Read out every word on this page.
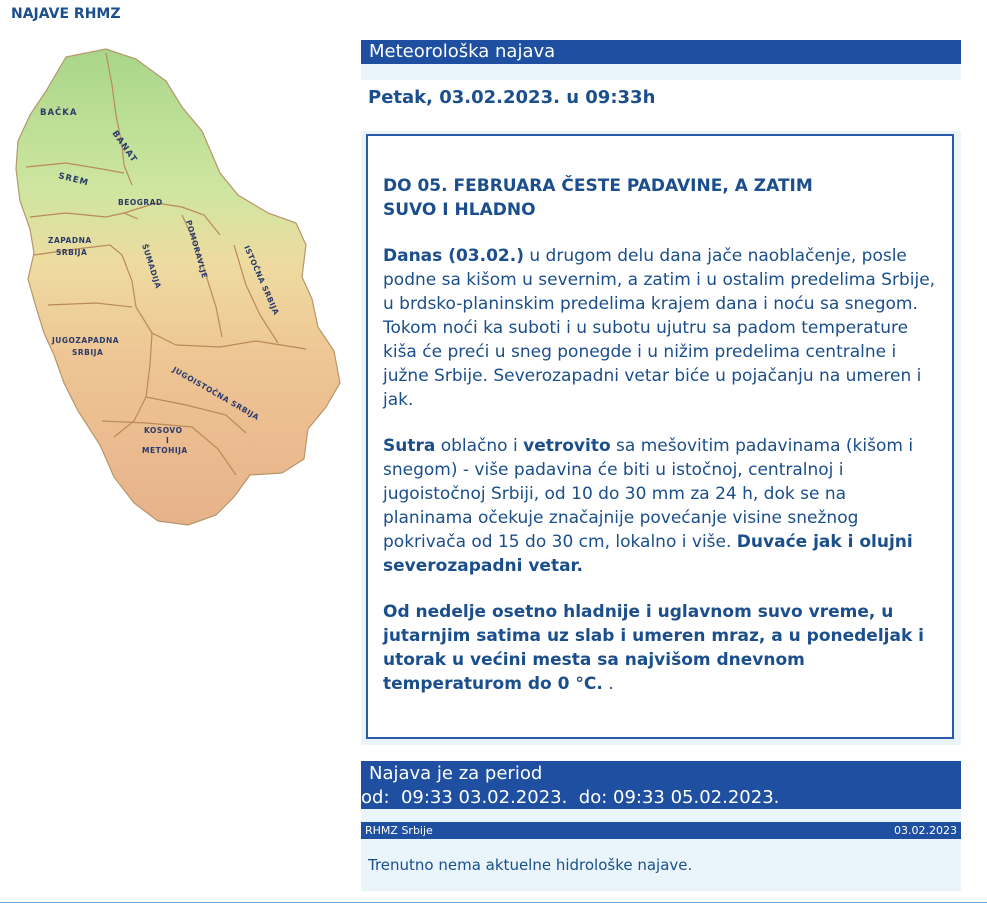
NAJAVE RHMZ
BAČKA
BANAT
SREM
BEOGRAD
ZAPADNA
SRBIJA	ŠUMADIJA	POMORAVLJE	ISTOČNA SRBIJA
JUGOZAPADNA
SRBIJA
JUGOISTOČNA SRBIJA
KOSOVO
I
METOHIJA
Meteorološka najava
Petak, 03.02.2023. u 09:33h

DO 05. FEBRUARA ČESTE PADAVINE, A ZATIM
SUVO I HLADNO

Danas (03.02.) u drugom delu dana jače naoblačenje, posle podne sa kišom u severnim, a zatim i u ostalim predelima Srbije, u brdsko-planinskim predelima krajem dana i noću sa snegom. Tokom noći ka suboti i u subotu ujutru sa padom temperature kiša će preći u sneg ponegde i u nižim predelima centralne i južne Srbije. Severozapadni vetar biće u pojačanju na umeren i jak.

Sutra oblačno i vetrovito sa mešovitim padavinama (kišom i snegom) - više padavina će biti u istočnoj, centralnoj i jugoistočnoj Srbiji, od 10 do 30 mm za 24 h, dok se na planinama očekuje značajnije povećanje visine snežnog pokrivača od 15 do 30 cm, lokalno i više. Duvaće jak i olujni severozapadni vetar.

Od nedelje osetno hladnije i uglavnom suvo vreme, u jutarnjim satima uz slab i umeren mraz, a u ponedeljak i utorak u većini mesta sa najvišom dnevnom temperaturom do 0 °C. .

Najava je za period
od:  09:33 03.02.2023.  do: 09:33 05.02.2023.
RHMZ Srbije	03.02.2023
Trenutno nema aktuelne hidrološke najave.
